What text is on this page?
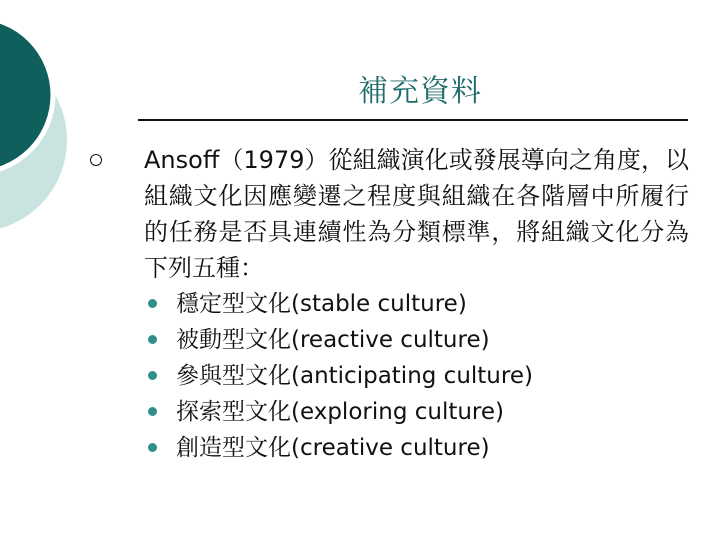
補充資料

Ansoff（1979）從組織演化或發展導向之角度，以組織文化因應變遷之程度與組織在各階層中所履行的任務是否具連續性為分類標準，將組織文化分為下列五種：

穩定型文化(stable culture)
被動型文化(reactive culture)
參與型文化(anticipating culture)
探索型文化(exploring culture)
創造型文化(creative culture)
